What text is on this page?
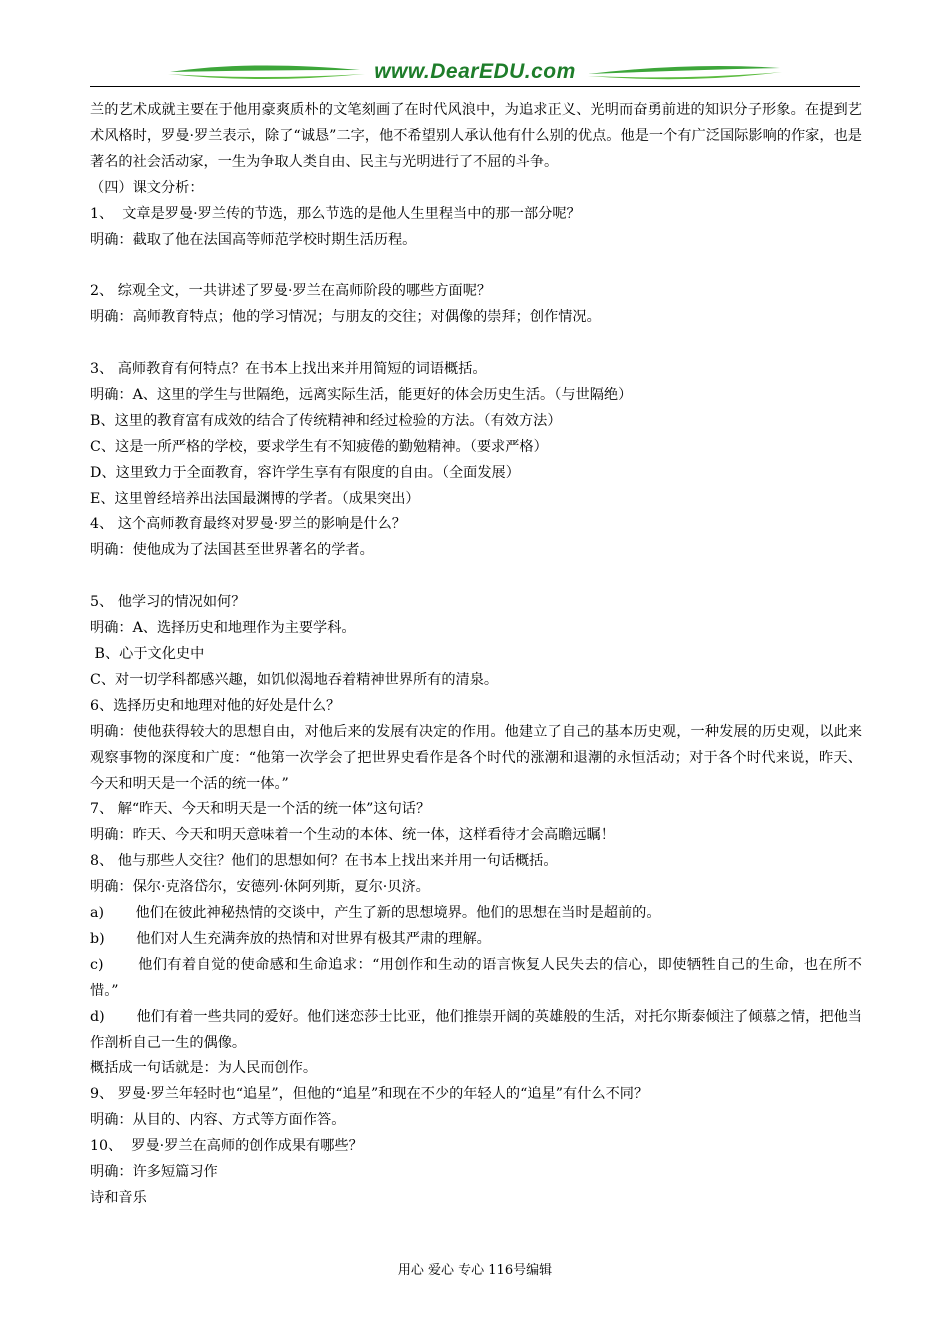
www.DearEDU.com

兰的艺术成就主要在于他用豪爽质朴的文笔刻画了在时代风浪中，为追求正义、光明而奋勇前进的知识分子形象。在提到艺术风格时，罗曼·罗兰表示，除了“诚恳”二字，他不希望别人承认他有什么别的优点。他是一个有广泛国际影响的作家，也是著名的社会活动家，一生为争取人类自由、民主与光明进行了不屈的斗争。

（四）课文分析：

1、  文章是罗曼·罗兰传的节选，那么节选的是他人生里程当中的那一部分呢？

明确：截取了他在法国高等师范学校时期生活历程。

2、 综观全文，一共讲述了罗曼·罗兰在高师阶段的哪些方面呢？

明确：高师教育特点；他的学习情况；与朋友的交往；对偶像的崇拜；创作情况。

3、 高师教育有何特点？在书本上找出来并用简短的词语概括。

明确：A、这里的学生与世隔绝，远离实际生活，能更好的体会历史生活。（与世隔绝）

B、这里的教育富有成效的结合了传统精神和经过检验的方法。（有效方法）

C、这是一所严格的学校，要求学生有不知疲倦的勤勉精神。（要求严格）

D、这里致力于全面教育，容许学生享有有限度的自由。（全面发展）

E、这里曾经培养出法国最渊博的学者。（成果突出）

4、 这个高师教育最终对罗曼·罗兰的影响是什么？

明确：使他成为了法国甚至世界著名的学者。

5、 他学习的情况如何？

明确：A、选择历史和地理作为主要学科。

B、心于文化史中

C、对一切学科都感兴趣，如饥似渴地吞着精神世界所有的清泉。

6、选择历史和地理对他的好处是什么？

明确：使他获得较大的思想自由，对他后来的发展有决定的作用。他建立了自己的基本历史观，一种发展的历史观，以此来观察事物的深度和广度：“他第一次学会了把世界史看作是各个时代的涨潮和退潮的永恒活动；对于各个时代来说，昨天、今天和明天是一个活的统一体。”

7、 解“昨天、今天和明天是一个活的统一体”这句话？

明确：昨天、今天和明天意味着一个生动的本体、统一体，这样看待才会高瞻远瞩！

8、 他与那些人交往？他们的思想如何？在书本上找出来并用一句话概括。

明确：保尔·克洛岱尔，安德列·休阿列斯，夏尔·贝济。

a)       他们在彼此神秘热情的交谈中，产生了新的思想境界。他们的思想在当时是超前的。

b)       他们对人生充满奔放的热情和对世界有极其严肃的理解。

c)       他们有着自觉的使命感和生命追求：“用创作和生动的语言恢复人民失去的信心，即使牺牲自己的生命，也在所不惜。”

d)       他们有着一些共同的爱好。他们迷恋莎士比亚，他们推崇开阔的英雄般的生活，对托尔斯泰倾注了倾慕之情，把他当作剖析自己一生的偶像。

概括成一句话就是：为人民而创作。

9、 罗曼·罗兰年轻时也“追星”，但他的“追星”和现在不少的年轻人的“追星”有什么不同？

明确：从目的、内容、方式等方面作答。

10、  罗曼·罗兰在高师的创作成果有哪些？

明确：许多短篇习作

诗和音乐

用心 爱心 专心 116号编辑
